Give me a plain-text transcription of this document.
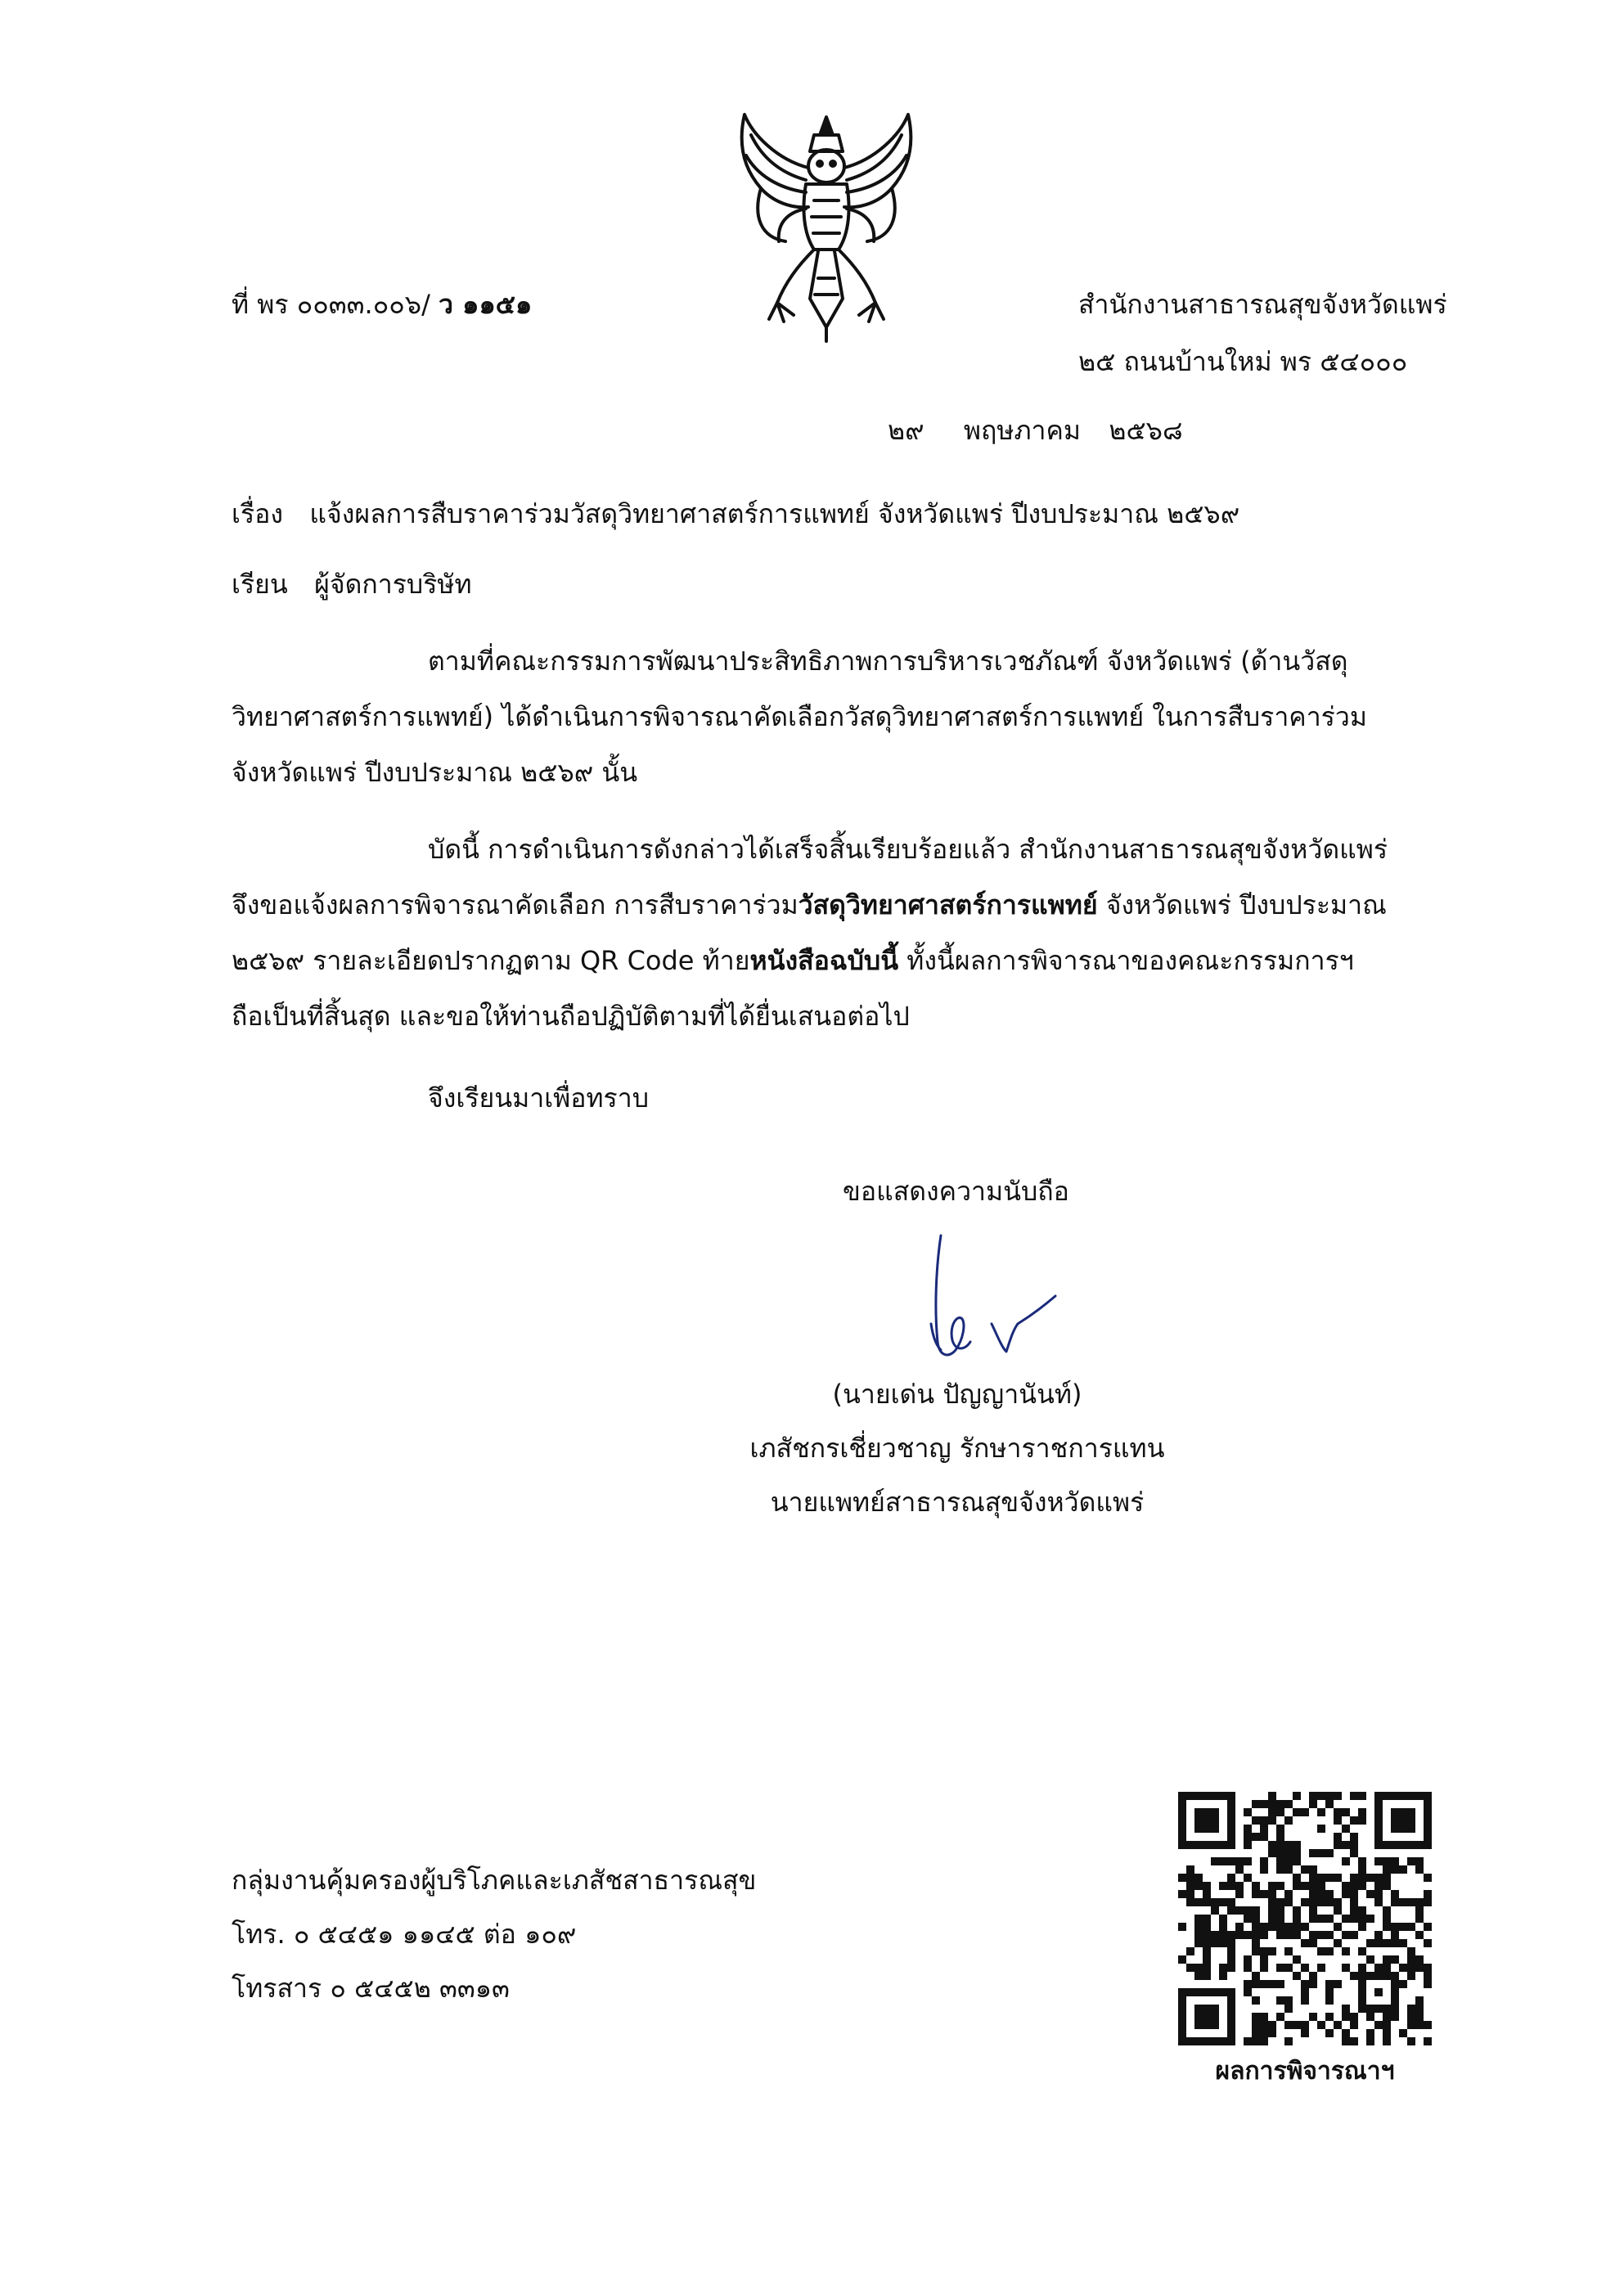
ที่ พร ๐๐๓๓.๐๐๖/ ว ๑๑๕๑	สำนักงานสาธารณสุขจังหวัดแพร่
๒๕ ถนนบ้านใหม่ พร ๕๔๐๐๐
๒๙ พฤษภาคม ๒๕๖๘
เรื่อง แจ้งผลการสืบราคาร่วมวัสดุวิทยาศาสตร์การแพทย์ จังหวัดแพร่ ปีงบประมาณ ๒๕๖๙
เรียน ผู้จัดการบริษัท
ตามที่คณะกรรมการพัฒนาประสิทธิภาพการบริหารเวชภัณฑ์ จังหวัดแพร่ (ด้านวัสดุ
วิทยาศาสตร์การแพทย์) ได้ดำเนินการพิจารณาคัดเลือกวัสดุวิทยาศาสตร์การแพทย์ ในการสืบราคาร่วม
จังหวัดแพร่ ปีงบประมาณ ๒๕๖๙ นั้น
บัดนี้ การดำเนินการดังกล่าวได้เสร็จสิ้นเรียบร้อยแล้ว สำนักงานสาธารณสุขจังหวัดแพร่
จึงขอแจ้งผลการพิจารณาคัดเลือก การสืบราคาร่วมวัสดุวิทยาศาสตร์การแพทย์ จังหวัดแพร่ ปีงบประมาณ
๒๕๖๙ รายละเอียดปรากฏตาม QR Code ท้ายหนังสือฉบับนี้ ทั้งนี้ผลการพิจารณาของคณะกรรมการฯ
ถือเป็นที่สิ้นสุด และขอให้ท่านถือปฏิบัติตามที่ได้ยื่นเสนอต่อไป
จึงเรียนมาเพื่อทราบ
ขอแสดงความนับถือ
(นายเด่น ปัญญานันท์)
เภสัชกรเชี่ยวชาญ รักษาราชการแทน
นายแพทย์สาธารณสุขจังหวัดแพร่
กลุ่มงานคุ้มครองผู้บริโภคและเภสัชสาธารณสุข
โทร. ๐ ๕๔๕๑ ๑๑๔๕ ต่อ ๑๐๙
โทรสาร ๐ ๕๔๕๒ ๓๓๑๓
ผลการพิจารณาฯ
